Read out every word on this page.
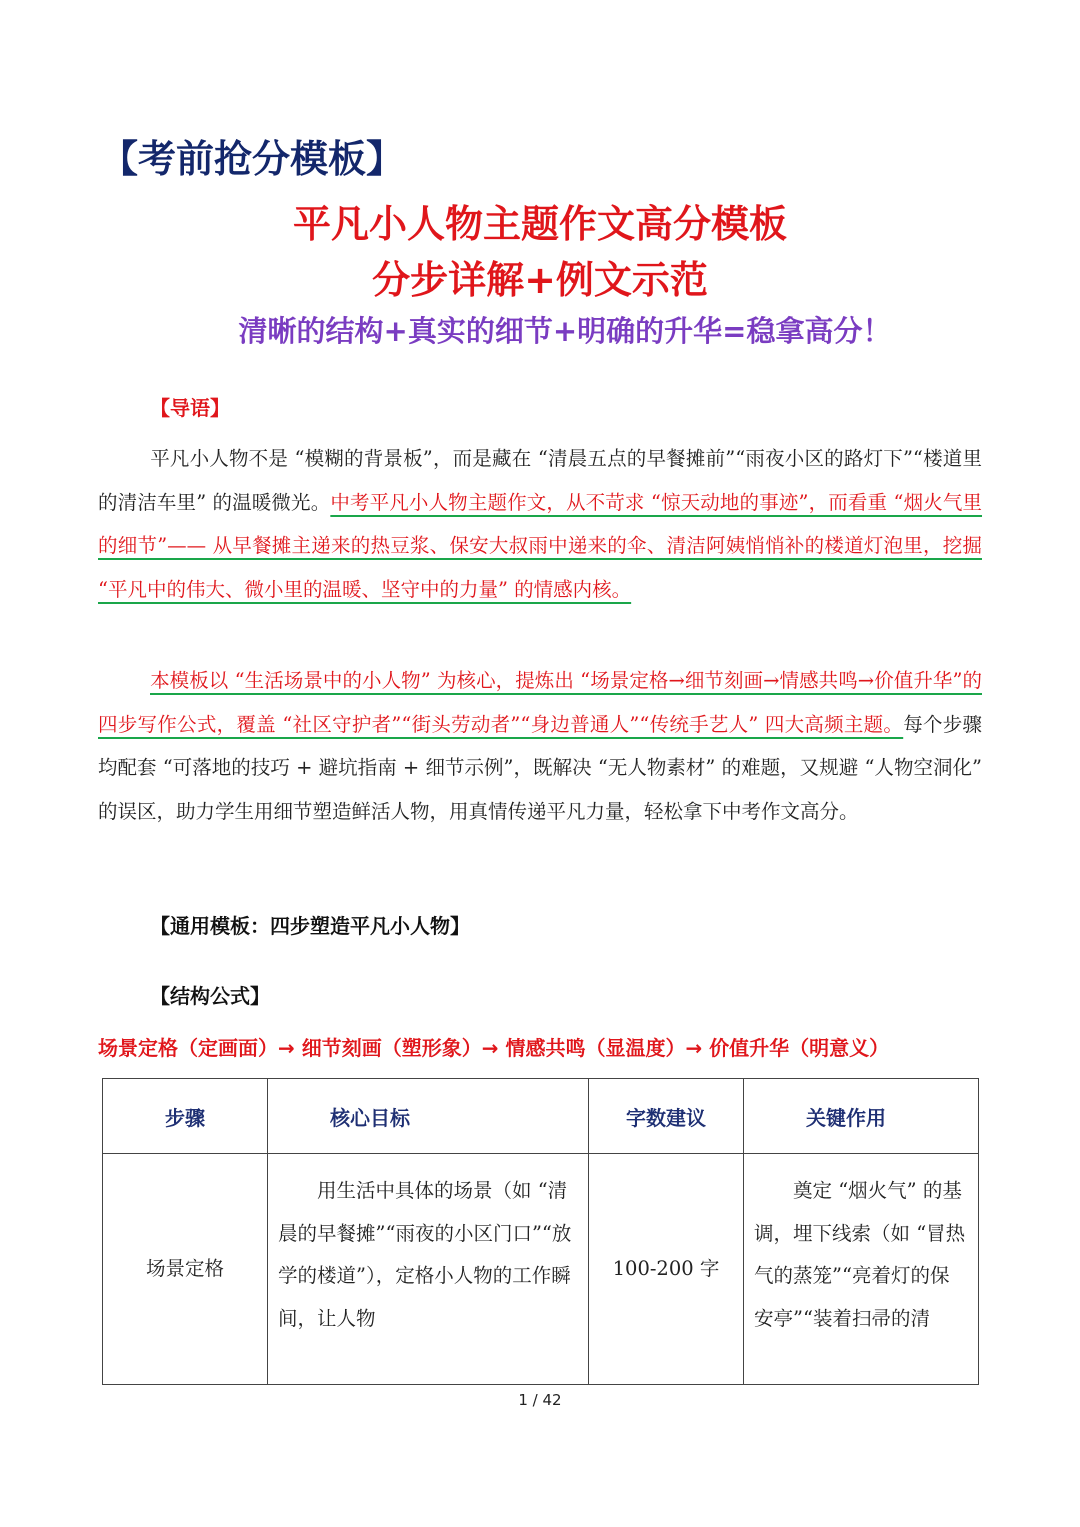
【考前抢分模板】
平凡小人物主题作文高分模板
分步详解+例文示范
清晰的结构+真实的细节+明确的升华=稳拿高分！
【导语】
平凡小人物不是 “模糊的背景板”，而是藏在 “清晨五点的早餐摊前”“雨夜小区的路灯下”“楼道里的清洁车里” 的温暖微光。中考平凡小人物主题作文，从不苛求 “惊天动地的事迹”，而看重 “烟火气里的细节”—— 从早餐摊主递来的热豆浆、保安大叔雨中递来的伞、清洁阿姨悄悄补的楼道灯泡里，挖掘 “平凡中的伟大、微小里的温暖、坚守中的力量” 的情感内核。
本模板以 “生活场景中的小人物” 为核心，提炼出 “场景定格→细节刻画→情感共鸣→价值升华”的四步写作公式，覆盖 “社区守护者”“街头劳动者”“身边普通人”“传统手艺人” 四大高频主题。每个步骤均配套 “可落地的技巧 + 避坑指南 + 细节示例”，既解决 “无人物素材” 的难题，又规避 “人物空洞化” 的误区，助力学生用细节塑造鲜活人物，用真情传递平凡力量，轻松拿下中考作文高分。
【通用模板：四步塑造平凡小人物】
【结构公式】
场景定格（定画面）→ 细节刻画（塑形象）→ 情感共鸣（显温度）→ 价值升华（明意义）
步骤	核心目标	字数建议	关键作用
场景定格	用生活中具体的场景（如 “清晨的早餐摊”“雨夜的小区门口”“放学的楼道”），定格小人物的工作瞬间，让人物	100-200 字	奠定 “烟火气” 的基调，埋下线索（如 “冒热气的蒸笼”“亮着灯的保安亭”“装着扫帚的清
1 / 42
